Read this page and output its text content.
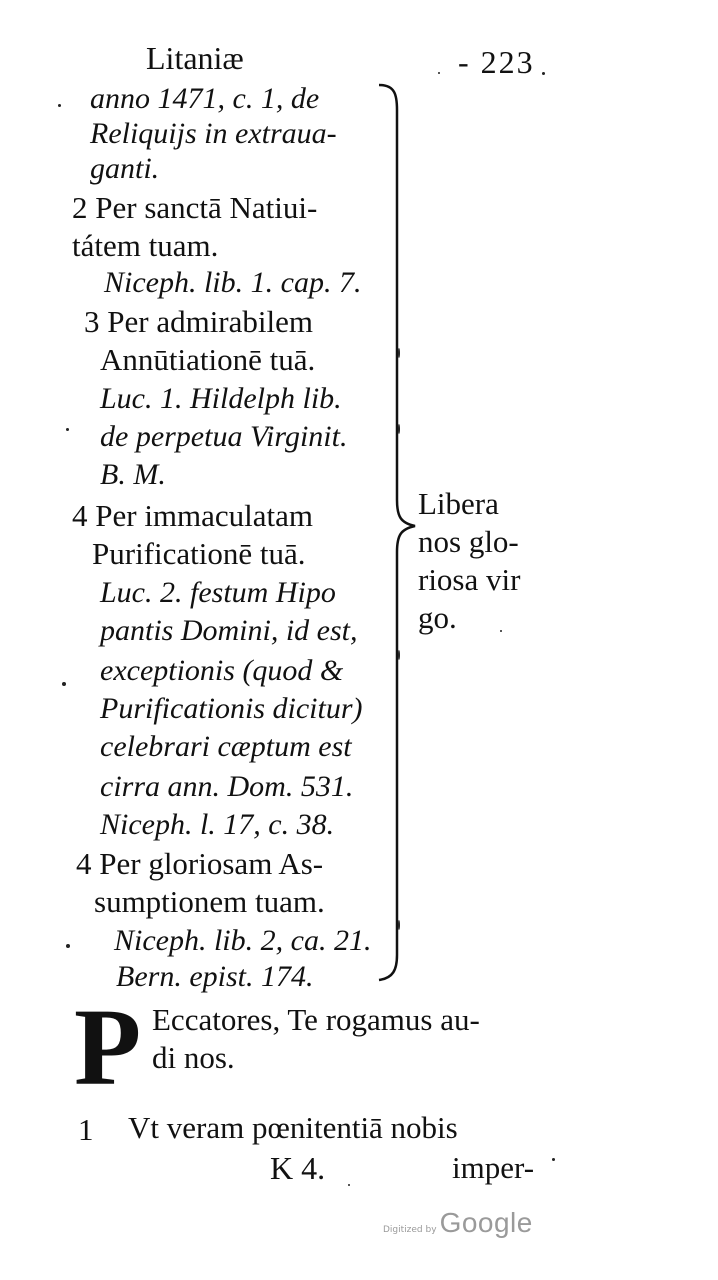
Litaniæ	- 223
anno 1471, c. 1, de
Reliquijs in extraua-
ganti.
2 Per sanctā Natiui-
tátem tuam.
Niceph. lib. 1. cap. 7.
3 Per admirabilem
Annūtiationē tuā.
Luc. 1. Hildelph lib.
de perpetua Virginit.
B. M.
4 Per immaculatam
Purificationē tuā.
Luc. 2. festum Hipo
pantis Domini, id est,
exceptionis (quod &
Purificationis dicitur)
celebrari cæptum est
cirra ann. Dom. 531.
Niceph. l. 17, c. 38.
4 Per gloriosam As-
sumptionem tuam.
Niceph. lib. 2, ca. 21.
Bern. epist. 174.
Libera
nos glo-
riosa vir
go.
P Eccatores, Te rogamus au-
di nos.
1 Vt veram pœnitentiā nobis
K 4.	imper-
Digitized by Google
